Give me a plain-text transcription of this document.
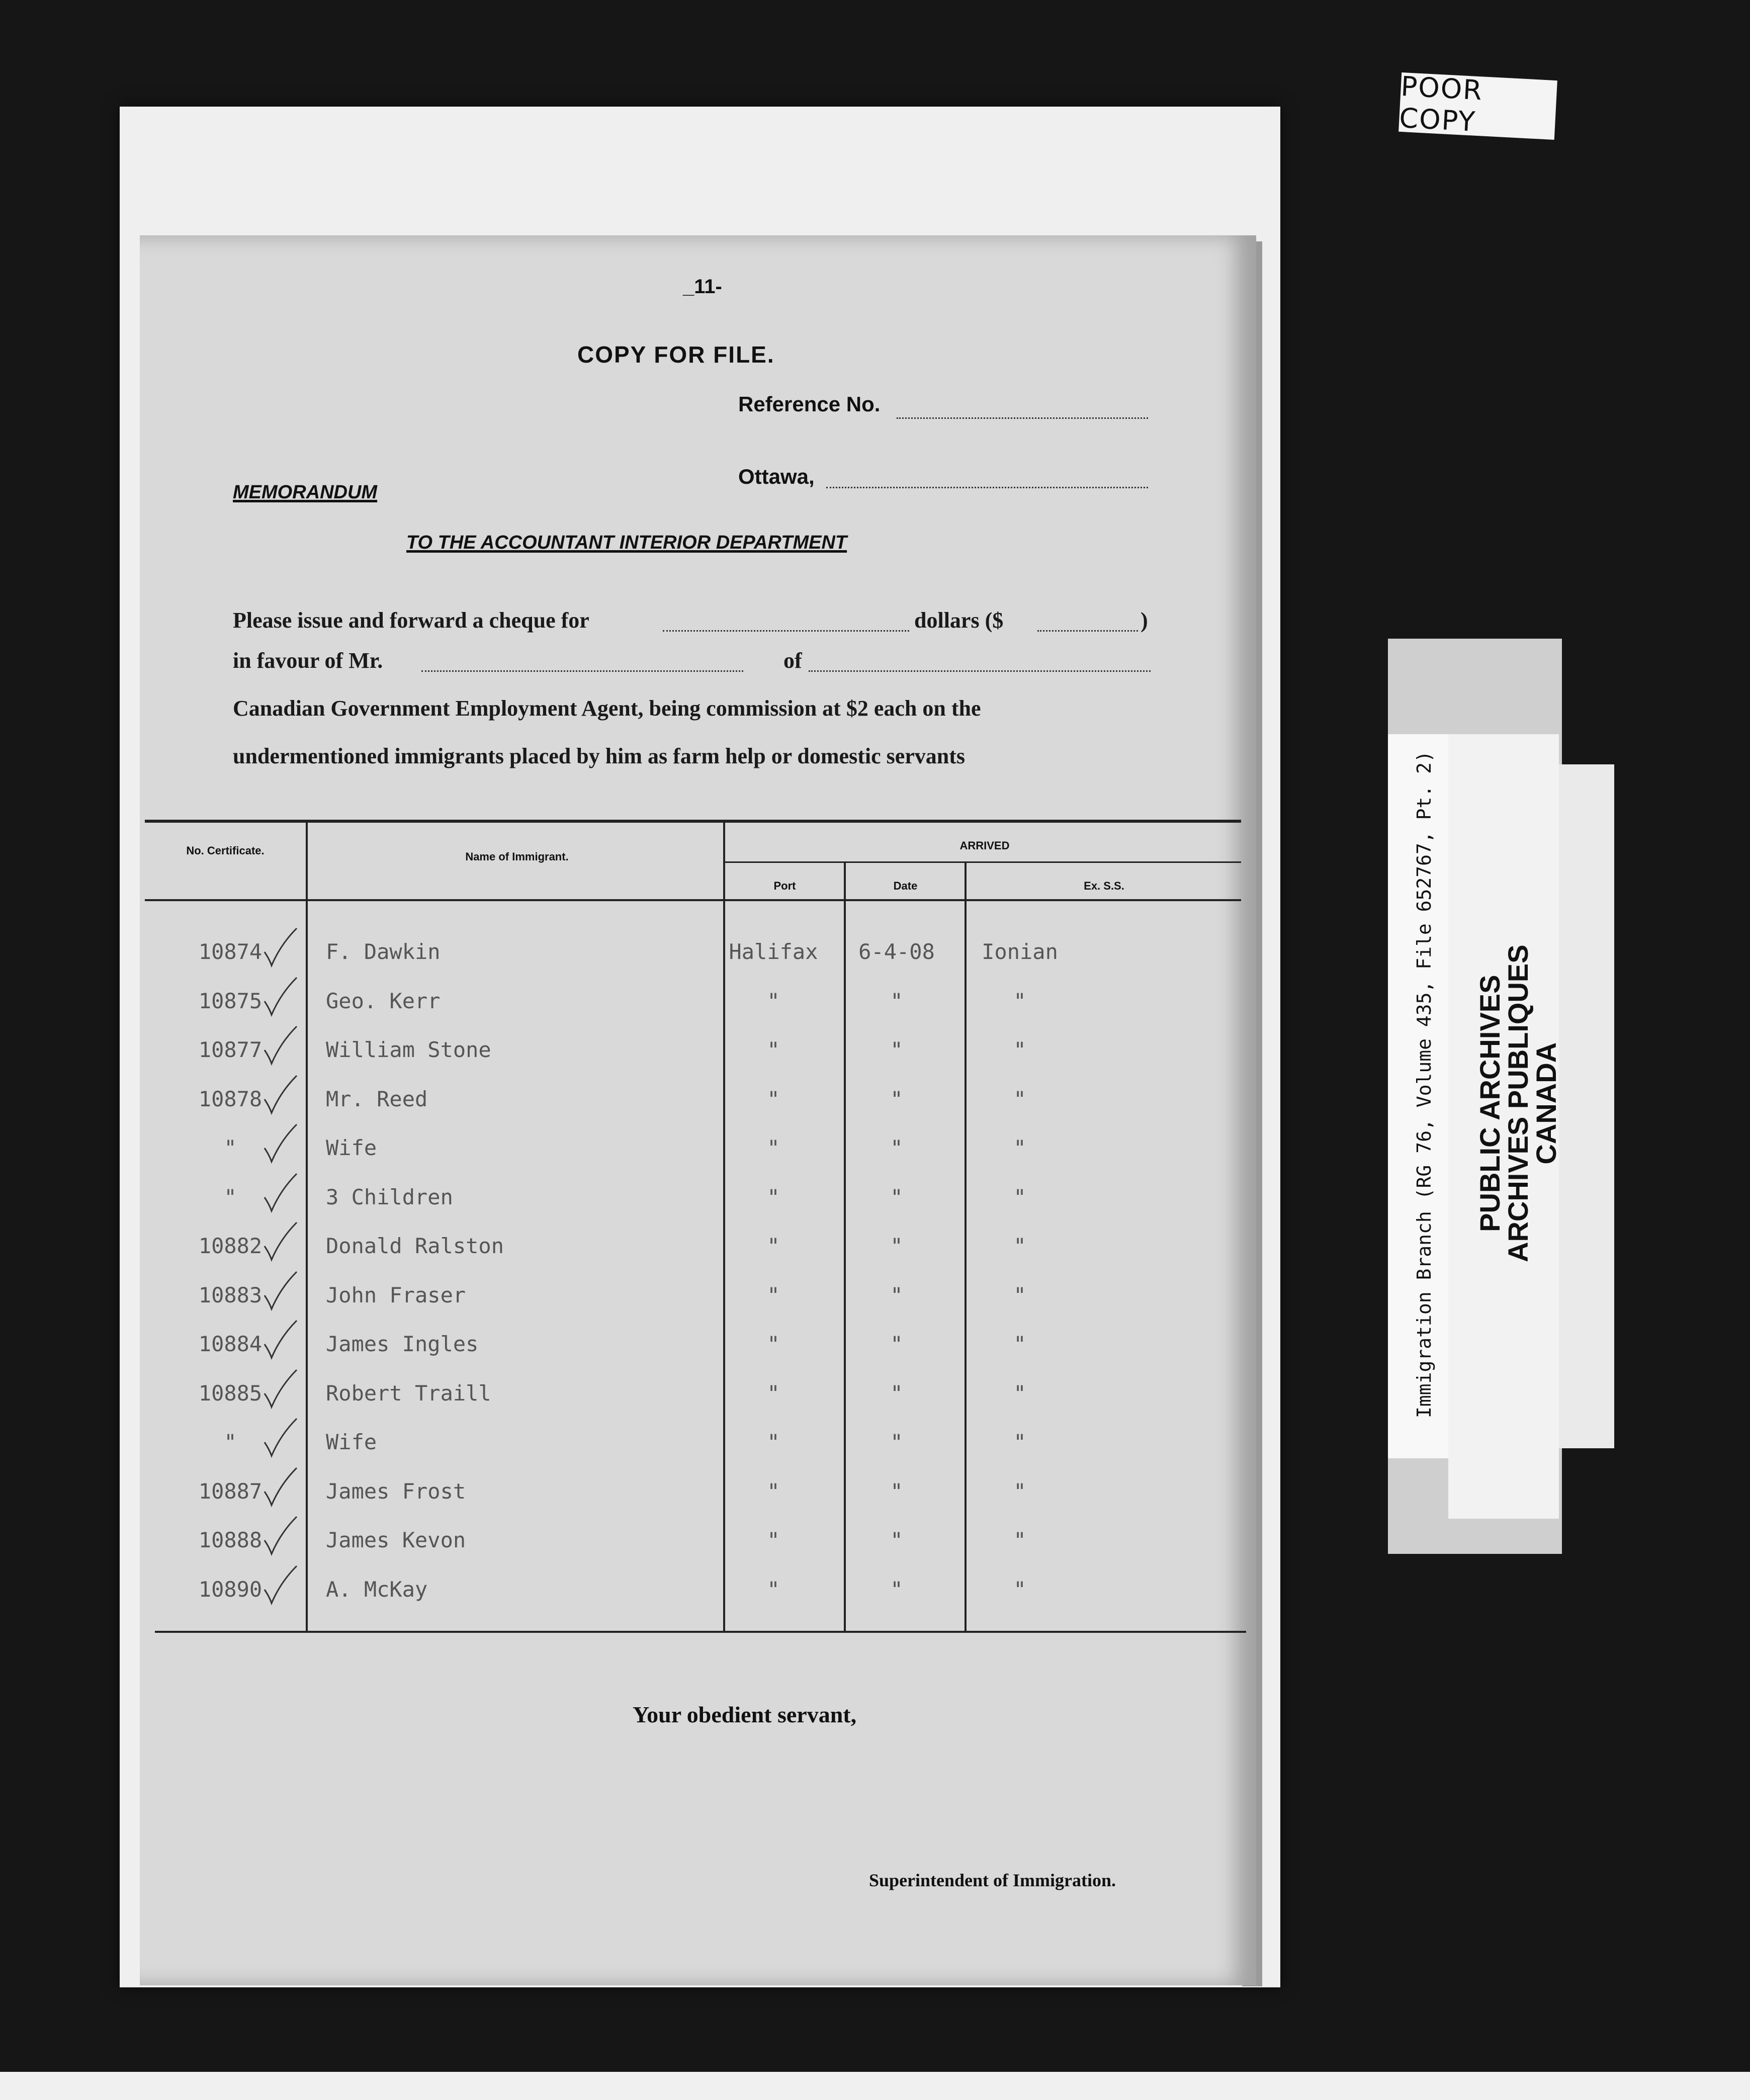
_11-
COPY FOR FILE.
Reference No.
Ottawa,
MEMORANDUM
TO THE ACCOUNTANT INTERIOR DEPARTMENT
Please issue and forward a cheque for	dollars ($	)
in favour of Mr.	of
Canadian Government Employment Agent, being commission at $2 each on the
undermentioned immigrants placed by him as farm help or domestic servants
No. Certificate.	Name of Immigrant.
ARRIVED
Port	Date	Ex. S.S.
10874	F. Dawkin	Halifax	6-4-08	Ionian
10875	Geo. Kerr	"	"	"
10877	William Stone	"	"	"
10878	Mr. Reed	"	"	"
"	Wife	"	"	"
"	3 Children	"	"	"
10882	Donald Ralston	"	"	"
10883	John Fraser	"	"	"
10884	James Ingles	"	"	"
10885	Robert Traill	"	"	"
"	Wife	"	"	"
10887	James Frost	"	"	"
10888	James Kevon	"	"	"
10890	A. McKay	"	"	"
Your obedient servant,
Superintendent of Immigration.
POOR COPY
Immigration Branch (RG 76, Volume 435, File 652767, Pt. 2) PUBLIC ARCHIVES
ARCHIVES PUBLIQUES
CANADA
